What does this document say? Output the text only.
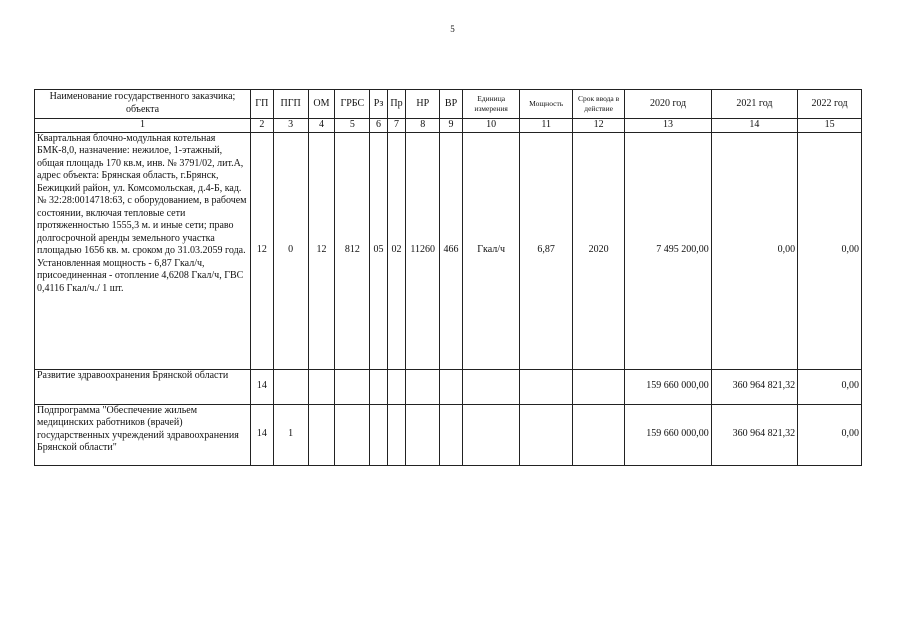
5
Наименование государственного заказчика; объекта	ГП	ПГП	ОМ	ГРБС	Рз	Пр	НР	ВР	Единица измерения	Мощность	Срок ввода в действие	2020 год	2021 год	2022 год
1	2	3	4	5	6	7	8	9	10	11	12	13	14	15
Квартальная блочно-модульная котельная БМК-8,0, назначение: нежилое, 1-этажный, общая площадь 170 кв.м, инв. № 3791/02, лит.А, адрес объекта: Брянская область, г.Брянск, Бежицкий район, ул. Комсомольская, д.4-Б, кад. № 32:28:0014718:63, с оборудованием, в рабочем состоянии, включая тепловые сети протяженностью 1555,3 м. и иные сети; право долгосрочной аренды земельного участка площадью 1656 кв. м. сроком до 31.03.2059 года. Установленная мощность - 6,87 Гкал/ч, присоединенная - отопление 4,6208 Гкал/ч, ГВС 0,4116 Гкал/ч./ 1 шт.	12	0	12	812	05	02	11260	466	Гкал/ч	6,87	2020	7 495 200,00	0,00	0,00
Развитие здравоохранения Брянской области	14											159 660 000,00	360 964 821,32	0,00
Подпрограмма "Обеспечение жильем медицинских работников (врачей) государственных учреждений здравоохранения Брянской области"	14	1										159 660 000,00	360 964 821,32	0,00
